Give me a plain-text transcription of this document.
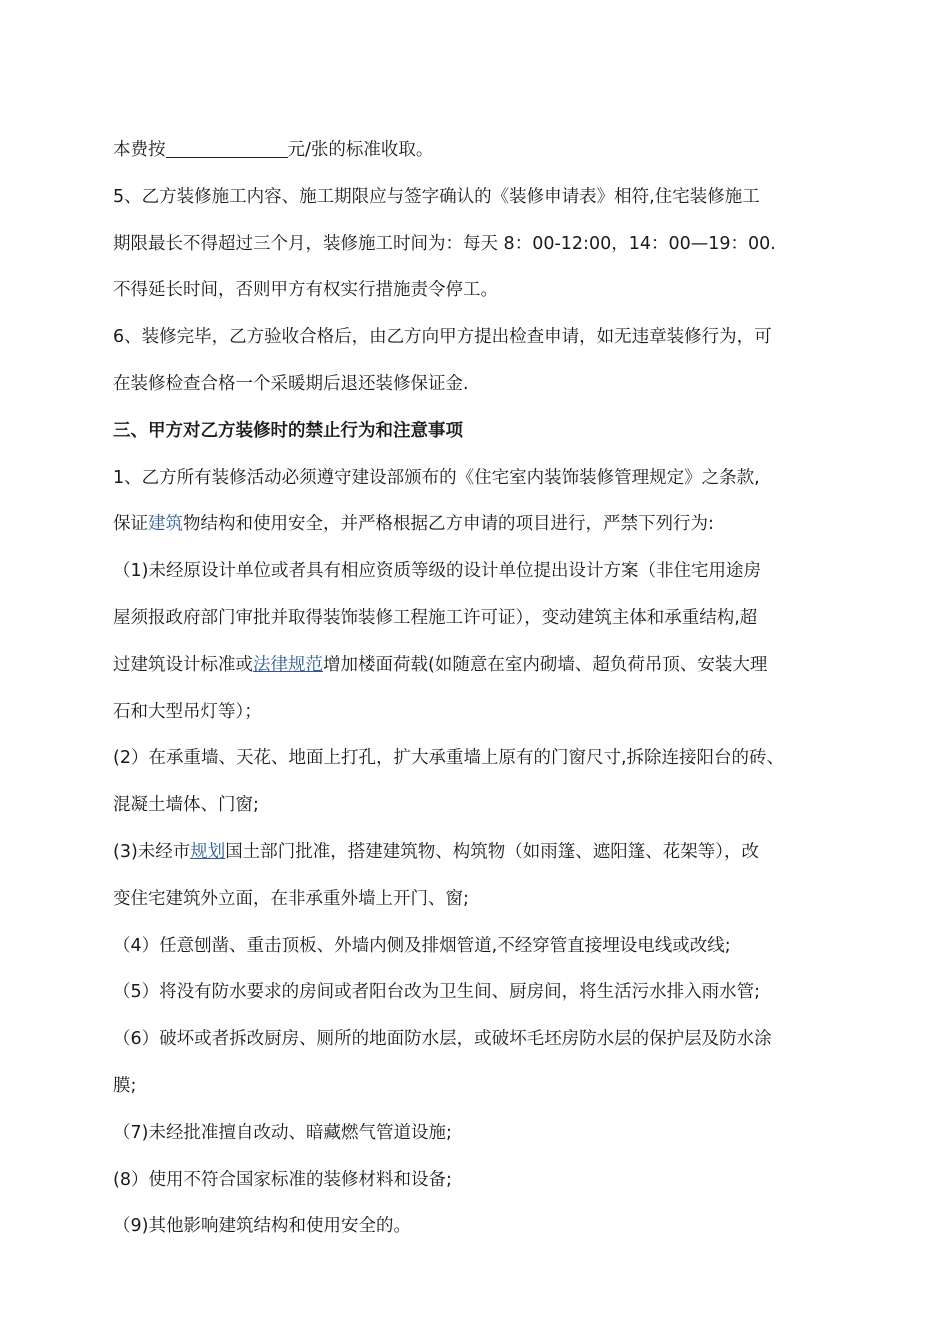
本费按	元/张的标准收取。
5、乙方装修施工内容、施工期限应与签字确认的《装修申请表》相符,住宅装修施工
期限最长不得超过三个月，装修施工时间为：每天 8：00-12:00，14：00—19：00.
不得延长时间，否则甲方有权实行措施责令停工。
6、装修完毕，乙方验收合格后，由乙方向甲方提出检查申请，如无违章装修行为，可
在装修检查合格一个采暖期后退还装修保证金.
三、甲方对乙方装修时的禁止行为和注意事项
1、乙方所有装修活动必须遵守建设部颁布的《住宅室内装饰装修管理规定》之条款,
保证建筑物结构和使用安全，并严格根据乙方申请的项目进行，严禁下列行为:
（1)未经原设计单位或者具有相应资质等级的设计单位提出设计方案（非住宅用途房
屋须报政府部门审批并取得装饰装修工程施工许可证），变动建筑主体和承重结构,超
过建筑设计标准或法律规范增加楼面荷载(如随意在室内砌墙、超负荷吊顶、安装大理
石和大型吊灯等）；
(2）在承重墙、天花、地面上打孔，扩大承重墙上原有的门窗尺寸,拆除连接阳台的砖、
混凝土墙体、门窗;
(3)未经市规划国土部门批准，搭建建筑物、构筑物（如雨篷、遮阳篷、花架等），改
变住宅建筑外立面，在非承重外墙上开门、窗;
（4）任意刨凿、重击顶板、外墙内侧及排烟管道,不经穿管直接埋设电线或改线;
（5）将没有防水要求的房间或者阳台改为卫生间、厨房间，将生活污水排入雨水管;
（6）破坏或者拆改厨房、厕所的地面防水层，或破坏毛坯房防水层的保护层及防水涂
膜;
（7)未经批准擅自改动、暗藏燃气管道设施;
(8）使用不符合国家标准的装修材料和设备;
（9)其他影响建筑结构和使用安全的。
